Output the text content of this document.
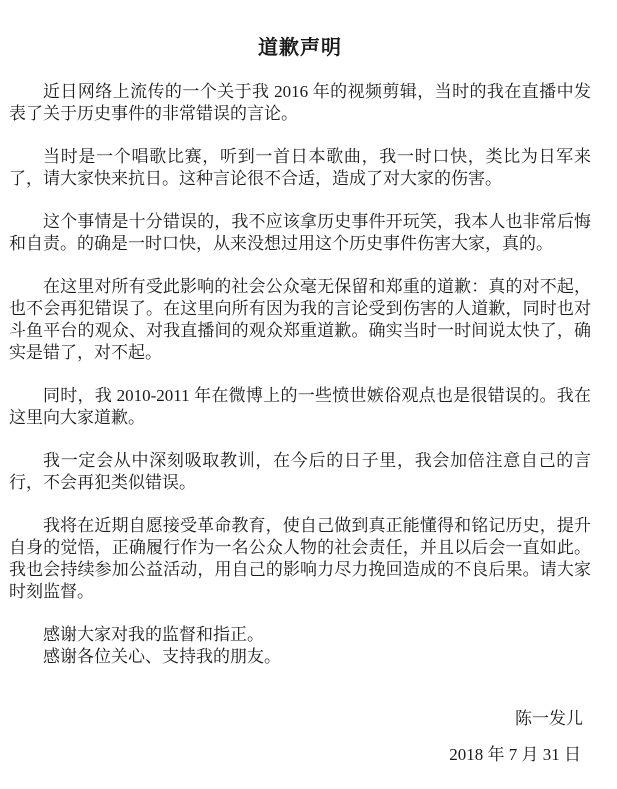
道歉声明

近日网络上流传的一个关于我 2016 年的视频剪辑，当时的我在直播中发表了关于历史事件的非常错误的言论。

当时是一个唱歌比赛，听到一首日本歌曲，我一时口快，类比为日军来了，请大家快来抗日。这种言论很不合适，造成了对大家的伤害。

这个事情是十分错误的，我不应该拿历史事件开玩笑，我本人也非常后悔和自责。的确是一时口快，从来没想过用这个历史事件伤害大家，真的。

在这里对所有受此影响的社会公众毫无保留和郑重的道歉：真的对不起，也不会再犯错误了。在这里向所有因为我的言论受到伤害的人道歉，同时也对斗鱼平台的观众、对我直播间的观众郑重道歉。确实当时一时间说太快了，确实是错了，对不起。

同时，我 2010-2011 年在微博上的一些愤世嫉俗观点也是很错误的。我在这里向大家道歉。

我一定会从中深刻吸取教训，在今后的日子里，我会加倍注意自己的言行，不会再犯类似错误。

我将在近期自愿接受革命教育，使自己做到真正能懂得和铭记历史，提升自身的觉悟，正确履行作为一名公众人物的社会责任，并且以后会一直如此。我也会持续参加公益活动，用自己的影响力尽力挽回造成的不良后果。请大家时刻监督。

感谢大家对我的监督和指正。

感谢各位关心、支持我的朋友。

陈一发儿
2018 年 7 月 31 日
